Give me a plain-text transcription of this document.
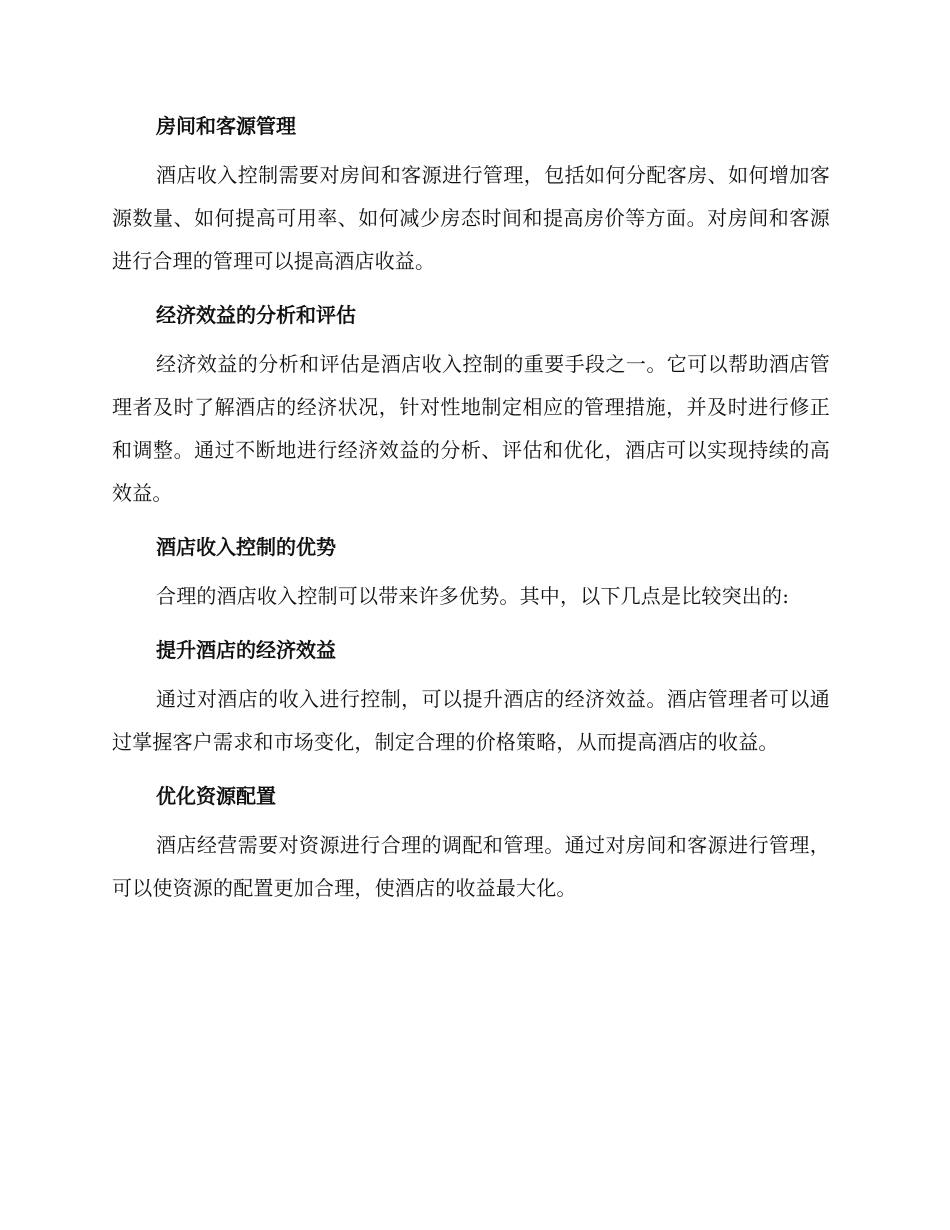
房间和客源管理

酒店收入控制需要对房间和客源进行管理，包括如何分配客房、如何增加客源数量、如何提高可用率、如何减少房态时间和提高房价等方面。对房间和客源进行合理的管理可以提高酒店收益。

经济效益的分析和评估

经济效益的分析和评估是酒店收入控制的重要手段之一。它可以帮助酒店管理者及时了解酒店的经济状况，针对性地制定相应的管理措施，并及时进行修正和调整。通过不断地进行经济效益的分析、评估和优化，酒店可以实现持续的高效益。

酒店收入控制的优势

合理的酒店收入控制可以带来许多优势。其中，以下几点是比较突出的:

提升酒店的经济效益

通过对酒店的收入进行控制，可以提升酒店的经济效益。酒店管理者可以通过掌握客户需求和市场变化，制定合理的价格策略，从而提高酒店的收益。

优化资源配置

酒店经营需要对资源进行合理的调配和管理。通过对房间和客源进行管理，可以使资源的配置更加合理，使酒店的收益最大化。
